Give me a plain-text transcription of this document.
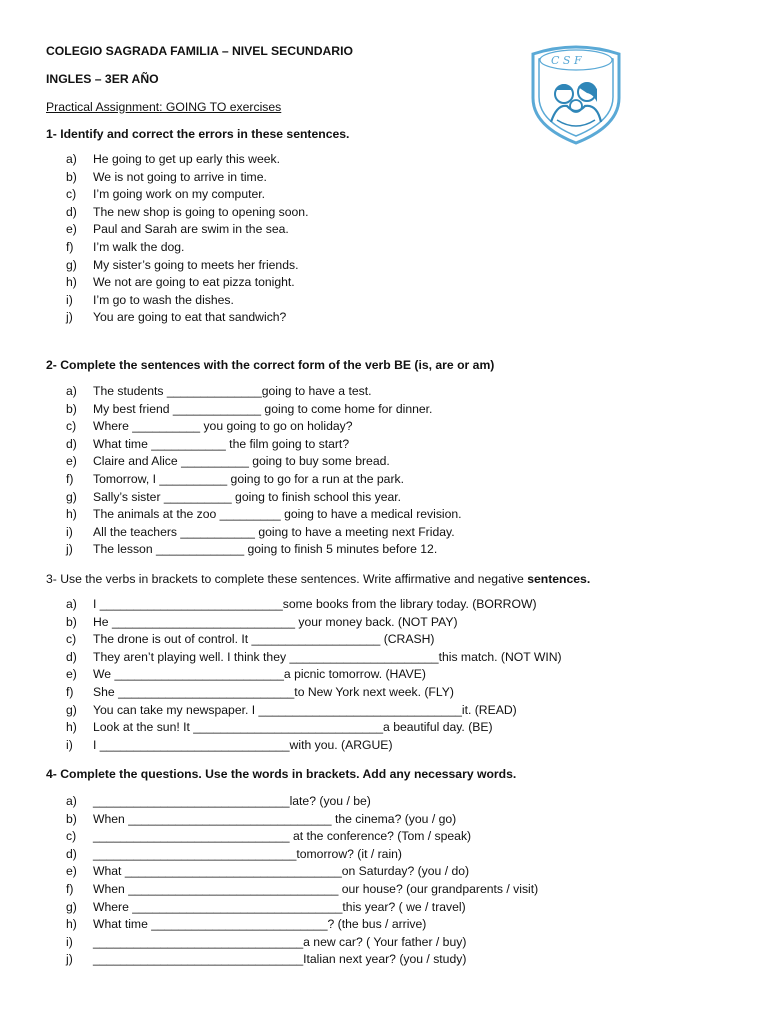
COLEGIO SAGRADA FAMILIA – NIVEL SECUNDARIO
INGLES – 3ER AÑO
Practical Assignment: GOING TO exercises
C S F
1- Identify and correct the errors in these sentences.
a)	He going to get up early this week.
b)	We is not going to arrive in time.
c)	I’m going work on my computer.
d)	The new shop is going to opening soon.
e)	Paul and Sarah are swim in the sea.
f)	I’m walk the dog.
g)	My sister’s going to meets her friends.
h)	We not are going to eat pizza tonight.
i)	I’m go to wash the dishes.
j)	You are going to eat that sandwich?
2- Complete the sentences with the correct form of the verb BE (is, are or am)
a)	The students ______________going to have a test.
b)	My best friend _____________ going to come home for dinner.
c)	Where __________ you going to go on holiday?
d)	What time ___________ the film going to start?
e)	Claire and Alice __________ going to buy some bread.
f)	Tomorrow, I __________ going to go for a run at the park.
g)	Sally’s sister __________ going to finish school this year.
h)	The animals at the zoo _________ going to have a medical revision.
i)	All the teachers ___________ going to have a meeting next Friday.
j)	The lesson _____________ going to finish 5 minutes before 12.
3- Use the verbs in brackets to complete these sentences. Write affirmative and negative sentences.
a)	I ___________________________some books from the library today. (BORROW)
b)	He ___________________________ your money back. (NOT PAY)
c)	The drone is out of control. It ___________________ (CRASH)
d)	They aren’t playing well. I think they ______________________this match. (NOT WIN)
e)	We _________________________a picnic tomorrow. (HAVE)
f)	She __________________________to New York next week. (FLY)
g)	You can take my newspaper. I ______________________________it. (READ)
h)	Look at the sun! It ____________________________a beautiful day. (BE)
i)	I ____________________________with you. (ARGUE)
4- Complete the questions. Use the words in brackets. Add any necessary words.
a)	_____________________________late? (you / be)
b)	When ______________________________ the cinema? (you / go)
c)	_____________________________ at the conference? (Tom / speak)
d)	______________________________tomorrow? (it / rain)
e)	What ________________________________on Saturday? (you / do)
f)	When _______________________________ our house? (our grandparents / visit)
g)	Where _______________________________this year? ( we / travel)
h)	What time __________________________? (the bus / arrive)
i)	_______________________________a new car? ( Your father / buy)
j)	_______________________________Italian next year? (you / study)
